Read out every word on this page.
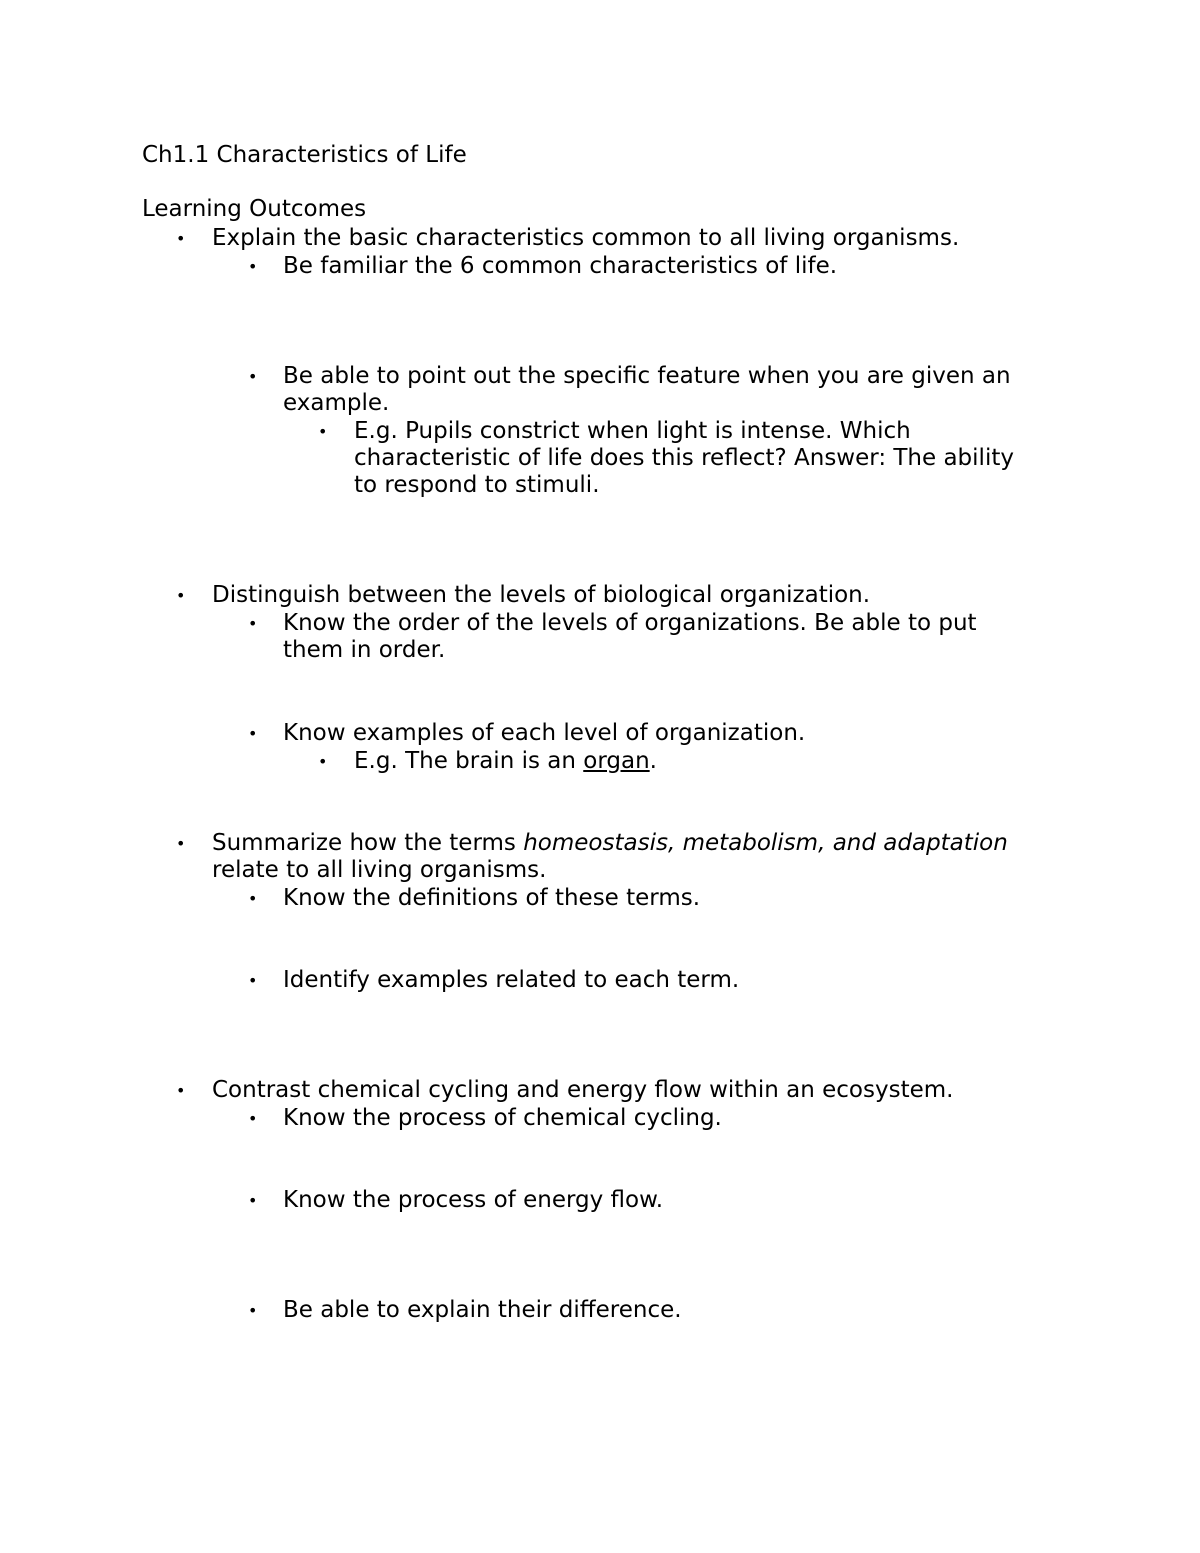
Ch1.1 Characteristics of Life
Learning Outcomes
• Explain the basic characteristics common to all living organisms.
• Be familiar the 6 common characteristics of life.
• Be able to point out the specific feature when you are given an
example.
• E.g. Pupils constrict when light is intense. Which
characteristic of life does this reflect? Answer: The ability
to respond to stimuli.
• Distinguish between the levels of biological organization.
• Know the order of the levels of organizations. Be able to put
them in order.
• Know examples of each level of organization.
• E.g. The brain is an organ.
• Summarize how the terms homeostasis, metabolism, and adaptation
relate to all living organisms.
• Know the definitions of these terms.
• Identify examples related to each term.
• Contrast chemical cycling and energy flow within an ecosystem.
• Know the process of chemical cycling.
• Know the process of energy flow.
• Be able to explain their difference.
